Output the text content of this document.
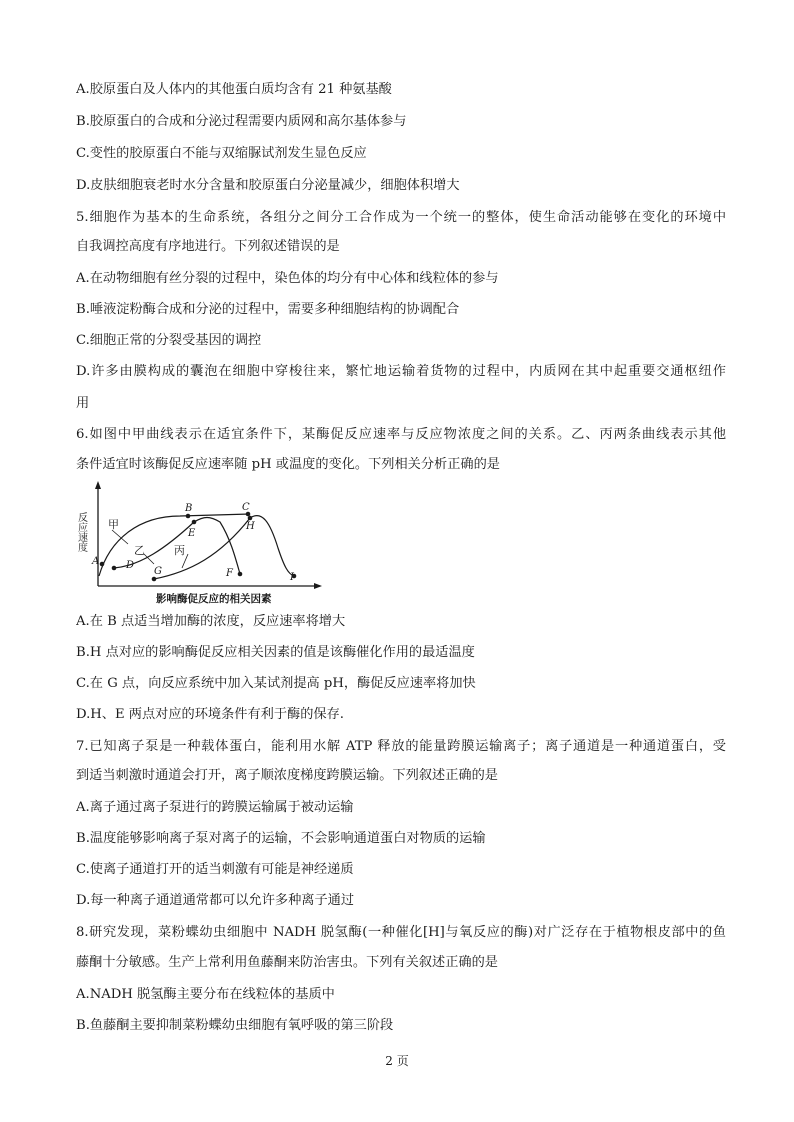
A.胶原蛋白及人体内的其他蛋白质均含有 21 种氨基酸
B.胶原蛋白的合成和分泌过程需要内质网和高尔基体参与
C.变性的胶原蛋白不能与双缩脲试剂发生显色反应
D.皮肤细胞衰老时水分含量和胶原蛋白分泌量减少，细胞体积增大
5.细胞作为基本的生命系统，各组分之间分工合作成为一个统一的整体，使生命活动能够在变化的环境中
自我调控高度有序地进行。下列叙述错误的是
A.在动物细胞有丝分裂的过程中，染色体的均分有中心体和线粒体的参与
B.唾液淀粉酶合成和分泌的过程中，需要多种细胞结构的协调配合
C.细胞正常的分裂受基因的调控
D.许多由膜构成的囊泡在细胞中穿梭往来，繁忙地运输着货物的过程中，内质网在其中起重要交通枢纽作
用
6.如图中甲曲线表示在适宜条件下，某酶促反应速率与反应物浓度之间的关系。乙、丙两条曲线表示其他
条件适宜时该酶促反应速率随 pH 或温度的变化。下列相关分析正确的是
反应速度
影响酶促反应的相关因素
甲
乙	丙
A
B	C
D
E
F
G
H
I
A.在 B 点适当增加酶的浓度，反应速率将增大
B.H 点对应的影响酶促反应相关因素的值是该酶催化作用的最适温度
C.在 G 点，向反应系统中加入某试剂提高 pH，酶促反应速率将加快
D.H、E 两点对应的环境条件有利于酶的保存.
7.已知离子泵是一种载体蛋白，能利用水解 ATP 释放的能量跨膜运输离子；离子通道是一种通道蛋白，受
到适当刺激时通道会打开，离子顺浓度梯度跨膜运输。下列叙述正确的是
A.离子通过离子泵进行的跨膜运输属于被动运输
B.温度能够影响离子泵对离子的运输，不会影响通道蛋白对物质的运输
C.使离子通道打开的适当刺激有可能是神经递质
D.每一种离子通道通常都可以允许多种离子通过
8.研究发现，菜粉蝶幼虫细胞中 NADH 脱氢酶(一种催化[H]与氧反应的酶)对广泛存在于植物根皮部中的鱼
藤酮十分敏感。生产上常利用鱼藤酮来防治害虫。下列有关叙述正确的是
A.NADH 脱氢酶主要分布在线粒体的基质中
B.鱼藤酮主要抑制菜粉蝶幼虫细胞有氧呼吸的第三阶段
2 页
